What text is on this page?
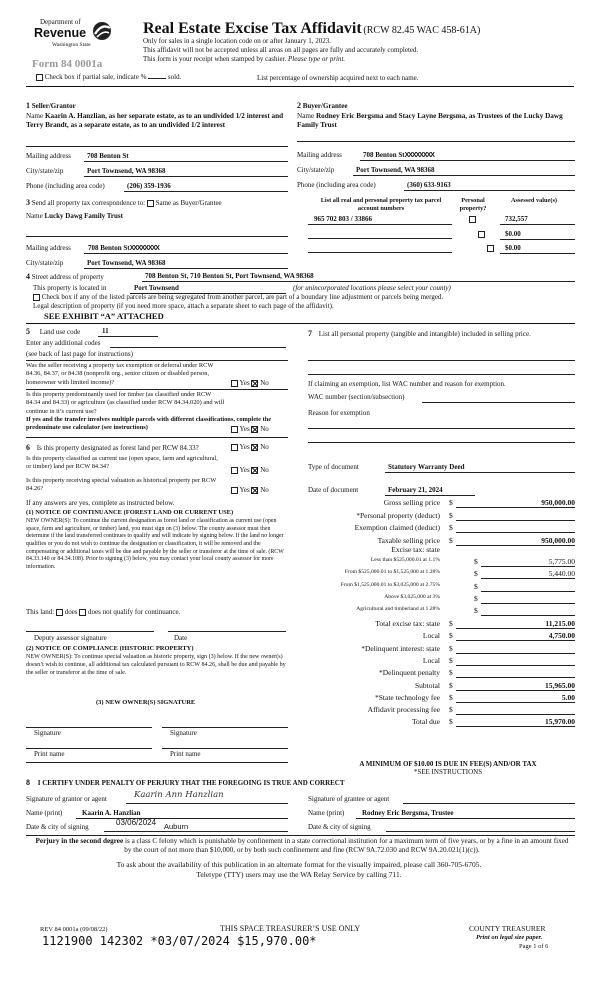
Department of
Revenue
Washington State
Form 84 0001a
Real Estate Excise Tax Affidavit (RCW 82.45 WAC 458-61A)
Only for sales in a single location code on or after January 1, 2023.
This affidavit will not be accepted unless all areas on all pages are fully and accurately completed.
This form is your receipt when stamped by cashier. Please type or print.
Check box if partial sale, indicate %	sold.	List percentage of ownership acquired next to each name.
1 Seller/Grantor
Name Kaarin A. Hanzlian, as her separate estate, as to an undivided 1/2 interest and Terry Brandt, as a separate estate, as to an undivided 1/2 interest
Mailing address 708 Benton St
City/state/zip	Port Townsend, WA 98368
Phone (including area code)	(206) 359-1936
2 Buyer/Grantee
Name Rodney Eric Bergsma and Stacy Layne Bergsma, as Trustees of the Lucky Dawg Family Trust
Mailing address	708 Benton StXXXXXXXX
City/state/zip	Port Townsend, WA 98368
Phone (including area code)	(360) 633-9163
3 Send all property tax correspondence to: Same as Buyer/Grantee
Name Lucky Dawg Family Trust
Mailing address 708 Benton StXXXXXXXX
City/state/zip	Port Townsend, WA 98368
List all real and personal property tax parcel account numbers
Personal property?
Assessed value(s)
965 702 803 / 33866
	732,557

$0.00
$0.00
4 Street address of property	708 Benton St, 710 Benton St, Port Townsend, WA 98368
This property is located in	Port Townsend	(for unincorporated locations please select your county)
Check box if any of the listed parcels are being segregated from another parcel, are part of a boundary line adjustment or parcels being merged.
Legal description of property (if you need more space, attach a separate sheet to each page of the affidavit).
SEE EXHIBIT “A” ATTACHED
5 Land use code	11
Enter any additional codes
(see back of last page for instructions)
Was the seller receiving a property tax exemption or deferral under RCW 84.36, 84.37, or 84.38 (nonprofit org., senior citizen or disabled person, homeowner with limited income)?	Yes No
Is this property predominantly used for timber (as classified under RCW 84.34 and 84.33) or agriculture (as classified under RCW 84.34.020) and will continue in it’s current use?
If yes and the transfer involves multiple parcels with different classifications, complete the predominate use calculator (see instructions)	Yes No
6 Is this property designated as forest land per RCW 84.33?	Yes No
Is this property classified as current use (open space, farm and agricultural, or timber) land per RCW 84.34?	Yes No
Is this property receiving special valuation as historical property per RCW 84.26?	Yes No
If any answers are yes, complete as instructed below.
(1) NOTICE OF CONTINUANCE (FOREST LAND OR CURRENT USE)
NEW OWNER(S): To continue the current designation as forest land or classification as current use (open space, farm and agriculture, or timber) land, you must sign on (3) below. The county assessor must then determine if the land transferred continues to qualify and will indicate by signing below. If the land no longer qualifies or you do not wish to continue the designation or classification, it will be removed and the compensating or additional taxes will be due and payable by the seller or transferor at the time of sale. (RCW 84.33.140 or 84.34.108). Prior to signing (3) below, you may contact your local county assessor for more information.
This land: does does not qualify for continuance.
Deputy assessor signature	Date
(2) NOTICE OF COMPLIANCE (HISTORIC PROPERTY)
NEW OWNER(S): To continue special valuation as historic property, sign (3) below. If the new owner(s) doesn’t wish to continue, all additional tax calculated pursuant to RCW 84.26, shall be due and payable by the seller or transferor at the time of sale.
(3) NEW OWNER(S) SIGNATURE
Signature	Signature
Print name	Print name
7 List all personal property (tangible and intangible) included in selling price.
If claiming an exemption, list WAC number and reason for exemption.
WAC number (section/subsection)
Reason for exemption
Type of document	Statutory Warranty Deed
Date of document	February 21, 2024
Gross selling price $	950,000.00
*Personal property (deduct) $
Exemption claimed (deduct) $
Taxable selling price $	950,000.00
Excise tax: state
Less than $525,000.01 at 1.1%	$	5,775.00
From $525,000.01 to $1,525,000 at 1.28%	$	5,440.00
From $1,525,000.01 to $3,025,000 at 2.75%	$
Above $3,025,000 at 3%	$
Agricultural and timberland at 1.28%	$
Total excise tax: state $	11,215.00
Local $	4,750.00
*Delinquent interest: state $
Local $
*Delinquent penalty $
Subtotal $	15,965.00
*State technology fee $	5.00
Affidavit processing fee $
Total due $	15,970.00
A MINIMUM OF $10.00 IS DUE IN FEE(S) AND/OR TAX
*SEE INSTRUCTIONS
8 I CERTIFY UNDER PENALTY OF PERJURY THAT THE FOREGOING IS TRUE AND CORRECT
Signature of grantor or agent	Kaarin Ann Hanzlian	Signature of grantee or agent
Name (print)	Kaarin A. Hanzlian	Name (print)	Rodney Eric Bergsma, Trustee
Date & city of signing	03/06/2024 Auburn	Date & city of signing
Perjury in the second degree is a class C felony which is punishable by confinement in a state correctional institution for a maximum term of five years, or by a fine in an amount fixed by the court of not more than $10,000, or by both such confinement and fine (RCW 9A.72.030 and RCW 9A.20.021(1)(c)).
To ask about the availability of this publication in an alternate format for the visually impaired, please call 360-705-6705. Teletype (TTY) users may use the WA Relay Service by calling 711.
REV 84 0001a (09/08/22)	THIS SPACE TREASURER’S USE ONLY	COUNTY TREASURER
Print on legal size paper.
Page 1 of 6
1121900 142302 *03/07/2024 $15,970.00*
